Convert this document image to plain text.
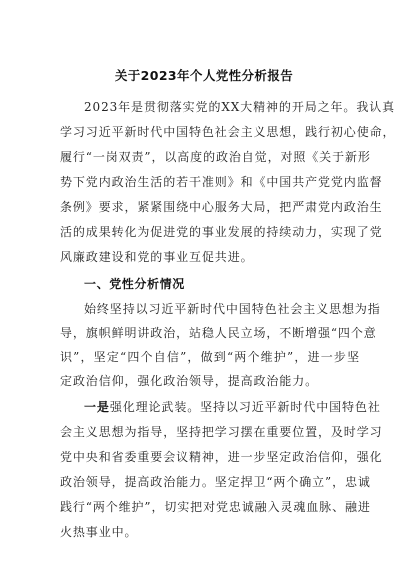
关于2023年个人党性分析报告
2023年是贯彻落实党的XX大精神的开局之年。我认真
学习习近平新时代中国特色社会主义思想，践行初心使命，
履行“一岗双责”，以高度的政治自觉，对照《关于新形
势下党内政治生活的若干准则》和《中国共产党党内监督
条例》要求，紧紧围绕中心服务大局，把严肃党内政治生
活的成果转化为促进党的事业发展的持续动力，实现了党
风廉政建设和党的事业互促共进。
一、党性分析情况
始终坚持以习近平新时代中国特色社会主义思想为指
导，旗帜鲜明讲政治，站稳人民立场，不断增强“四个意
识”，坚定“四个自信”，做到“两个维护”，进一步坚
定政治信仰，强化政治领导，提高政治能力。
一是强化理论武装。坚持以习近平新时代中国特色社
会主义思想为指导，坚持把学习摆在重要位置，及时学习
党中央和省委重要会议精神，进一步坚定政治信仰，强化
政治领导，提高政治能力。坚定捍卫“两个确立”，忠诚
践行“两个维护”，切实把对党忠诚融入灵魂血脉、融进
火热事业中。
